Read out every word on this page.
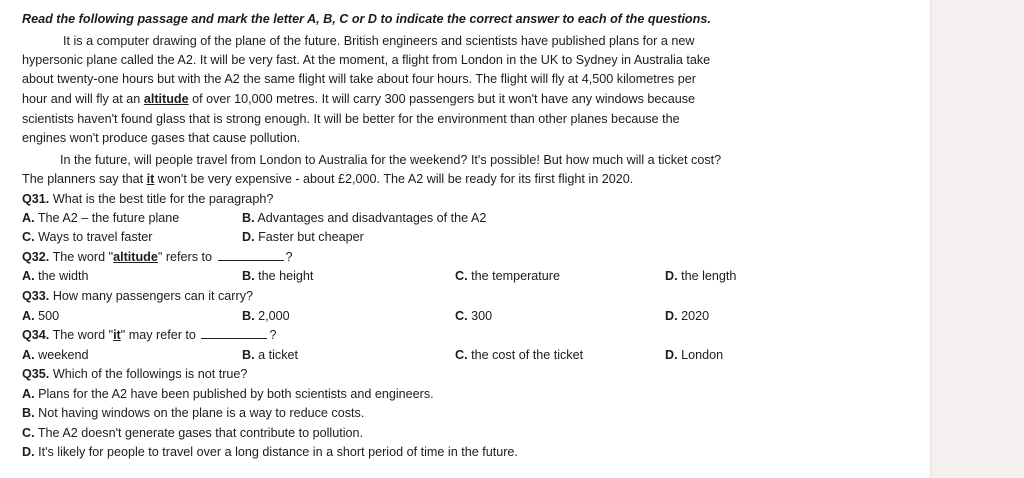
Read the following passage and mark the letter A, B, C or D to indicate the correct answer to each of the questions.
It is a computer drawing of the plane of the future. British engineers and scientists have published plans for a new
hypersonic plane called the A2. It will be very fast. At the moment, a flight from London in the UK to Sydney in Australia take
about twenty-one hours but with the A2 the same flight will take about four hours. The flight will fly at 4,500 kilometres per
hour and will fly at an altitude of over 10,000 metres. It will carry 300 passengers but it won't have any windows because
scientists haven't found glass that is strong enough. It will be better for the environment than other planes because the
engines won't produce gases that cause pollution.
In the future, will people travel from London to Australia for the weekend? It's possible! But how much will a ticket cost?
The planners say that it won't be very expensive - about £2,000. The A2 will be ready for its first flight in 2020.
Q31. What is the best title for the paragraph?
A. The A2 – the future plane	B. Advantages and disadvantages of the A2
C. Ways to travel faster	D. Faster but cheaper
Q32. The word "altitude" refers to	?
A. the width	B. the height	C. the temperature	D. the length
Q33. How many passengers can it carry?
A. 500	B. 2,000	C. 300	D. 2020
Q34. The word "it" may refer to	?
A. weekend	B. a ticket	C. the cost of the ticket	D. London
Q35. Which of the followings is not true?
A. Plans for the A2 have been published by both scientists and engineers.
B. Not having windows on the plane is a way to reduce costs.
C. The A2 doesn't generate gases that contribute to pollution.
D. It's likely for people to travel over a long distance in a short period of time in the future.
